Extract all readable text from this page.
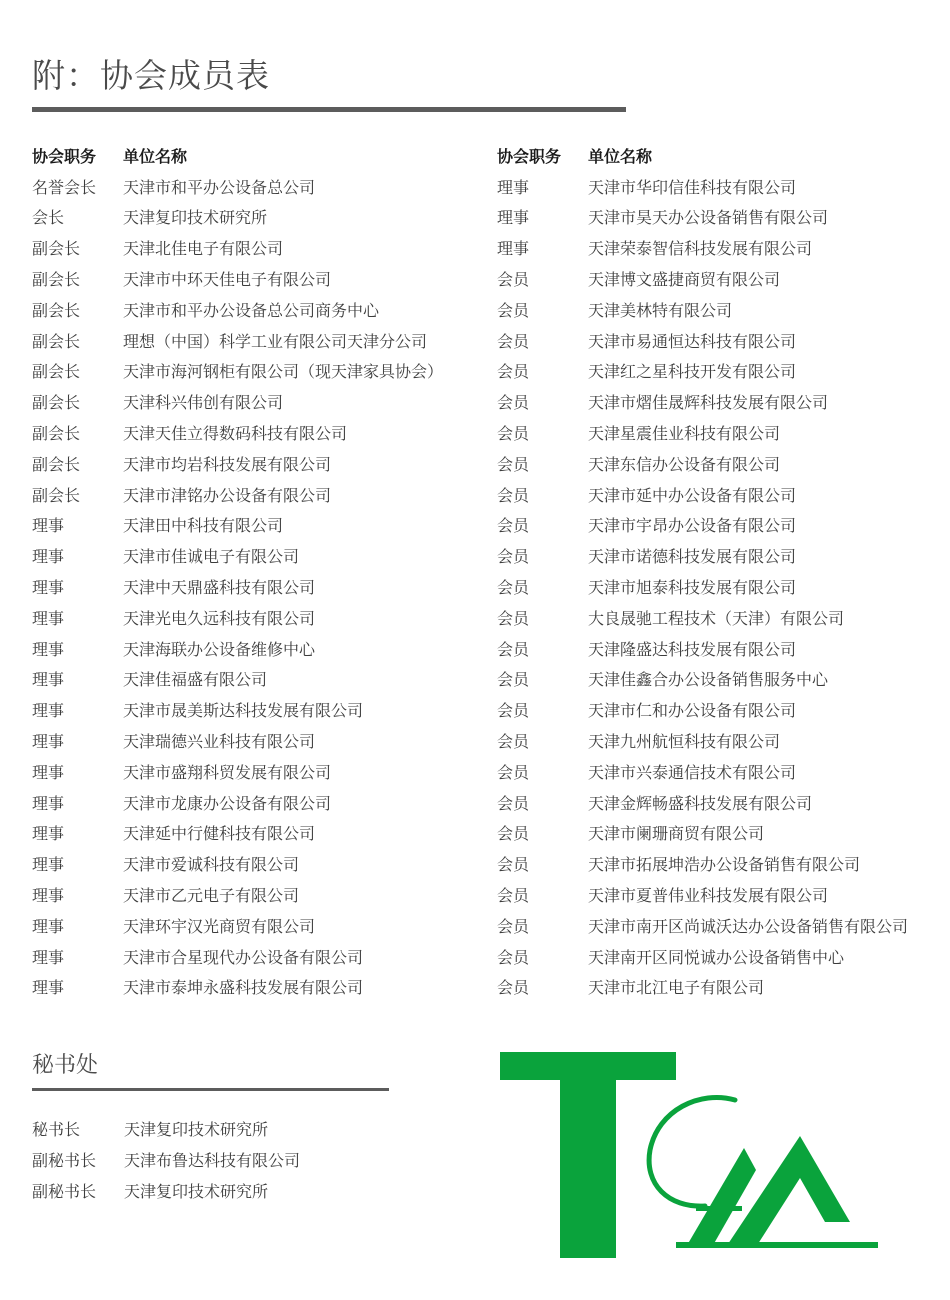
附：协会成员表
协会职务	单位名称
名誉会长	天津市和平办公设备总公司
会长	天津复印技术研究所
副会长	天津北佳电子有限公司
副会长	天津市中环天佳电子有限公司
副会长	天津市和平办公设备总公司商务中心
副会长	理想（中国）科学工业有限公司天津分公司
副会长	天津市海河钢柜有限公司（现天津家具协会）
副会长	天津科兴伟创有限公司
副会长	天津天佳立得数码科技有限公司
副会长	天津市均岩科技发展有限公司
副会长	天津市津铭办公设备有限公司
理事	天津田中科技有限公司
理事	天津市佳诚电子有限公司
理事	天津中天鼎盛科技有限公司
理事	天津光电久远科技有限公司
理事	天津海联办公设备维修中心
理事	天津佳福盛有限公司
理事	天津市晟美斯达科技发展有限公司
理事	天津瑞德兴业科技有限公司
理事	天津市盛翔科贸发展有限公司
理事	天津市龙康办公设备有限公司
理事	天津延中行健科技有限公司
理事	天津市爱诚科技有限公司
理事	天津市乙元电子有限公司
理事	天津环宇汉光商贸有限公司
理事	天津市合星现代办公设备有限公司
理事	天津市泰坤永盛科技发展有限公司
协会职务	单位名称
理事	天津市华印信佳科技有限公司
理事	天津市昊天办公设备销售有限公司
理事	天津荣泰智信科技发展有限公司
会员	天津博文盛捷商贸有限公司
会员	天津美林特有限公司
会员	天津市易通恒达科技有限公司
会员	天津红之星科技开发有限公司
会员	天津市熠佳晟辉科技发展有限公司
会员	天津星震佳业科技有限公司
会员	天津东信办公设备有限公司
会员	天津市延中办公设备有限公司
会员	天津市宇昂办公设备有限公司
会员	天津市诺德科技发展有限公司
会员	天津市旭泰科技发展有限公司
会员	大良晟驰工程技术（天津）有限公司
会员	天津隆盛达科技发展有限公司
会员	天津佳鑫合办公设备销售服务中心
会员	天津市仁和办公设备有限公司
会员	天津九州航恒科技有限公司
会员	天津市兴泰通信技术有限公司
会员	天津金辉畅盛科技发展有限公司
会员	天津市阑珊商贸有限公司
会员	天津市拓展坤浩办公设备销售有限公司
会员	天津市夏普伟业科技发展有限公司
会员	天津市南开区尚诚沃达办公设备销售有限公司
会员	天津南开区同悦诚办公设备销售中心
会员	天津市北江电子有限公司
秘书处
秘书长	天津复印技术研究所
副秘书长	天津布鲁达科技有限公司
副秘书长	天津复印技术研究所
